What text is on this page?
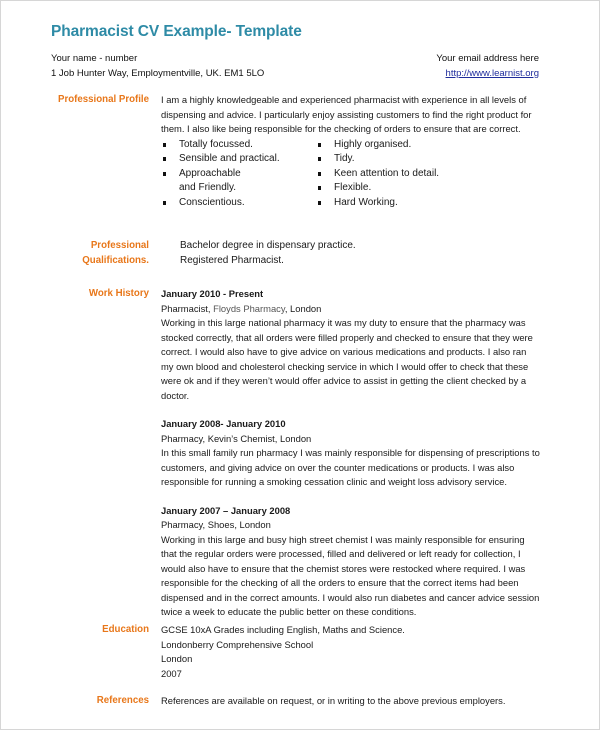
Pharmacist CV Example- Template
Your name - number
1 Job Hunter Way, Employmentville, UK. EM1 5LO
Your email address here
http://www.learnist.org
Professional Profile I am a highly knowledgeable and experienced pharmacist with experience in all levels of dispensing and advice. I particularly enjoy assisting customers to find the right product for them. I also like being responsible for the checking of orders to ensure that are correct.

Totally focussed.
Sensible and practical.
Approachable and Friendly.
Conscientious.
Highly organised.
Tidy.
Keen attention to detail.
Flexible.
Hard Working.
Professional
Qualifications.
Bachelor degree in dispensary practice.
Registered Pharmacist.
Work History January 2010 - Present
Pharmacist, Floyds Pharmacy, London

Working in this large national pharmacy it was my duty to ensure that the pharmacy was stocked correctly, that all orders were filled properly and checked to ensure that they were correct. I would also have to give advice on various medications and products. I also ran my own blood and cholesterol checking service in which I would offer to check that these were ok and if they weren’t would offer advice to assist in getting the client checked by a doctor.

January 2008- January 2010
Pharmacy, Kevin’s Chemist, London

In this small family run pharmacy I was mainly responsible for dispensing of prescriptions to customers, and giving advice on over the counter medications or products. I was also responsible for running a smoking cessation clinic and weight loss advisory service.

January 2007 – January 2008
Pharmacy, Shoes, London

Working in this large and busy high street chemist I was mainly responsible for ensuring that the regular orders were processed, filled and delivered or left ready for collection, I would also have to ensure that the chemist stores were restocked where required. I was responsible for the checking of all the orders to ensure that the correct items had been dispensed and in the correct amounts. I would also run diabetes and cancer advice session twice a week to educate the public better on these conditions.

Education GCSE 10xA Grades including English, Maths and Science.
Londonberry Comprehensive School
London
2007
References References are available on request, or in writing to the above previous employers.
